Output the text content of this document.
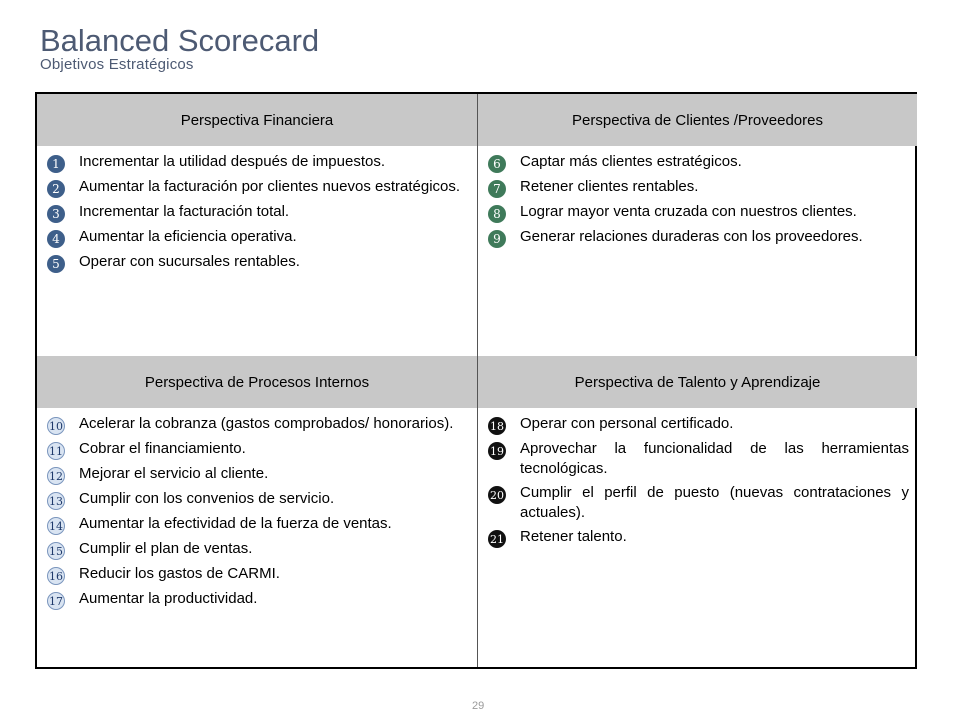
Balanced Scorecard
Objetivos Estratégicos
Perspectiva Financiera	Perspectiva de Clientes /Proveedores
1	Incrementar la utilidad después de impuestos.
2	Aumentar la facturación por clientes nuevos estratégicos.
3	Incrementar la facturación total.
4	Aumentar la eficiencia operativa.
5	Operar con sucursales rentables.
6	Captar más clientes estratégicos.
7	Retener clientes rentables.
8	Lograr mayor venta cruzada con nuestros clientes.
9	Generar relaciones duraderas con los proveedores.
Perspectiva de Procesos Internos	Perspectiva de Talento y Aprendizaje
10 Acelerar la cobranza (gastos comprobados/ honorarios).
11 Cobrar el financiamiento.
12 Mejorar el servicio al cliente.
13 Cumplir con los convenios de servicio.
14 Aumentar la efectividad de la fuerza de ventas.
15 Cumplir el plan de ventas.
16 Reducir los gastos de CARMI.
17 Aumentar la productividad.
18 Operar con personal certificado.
19 Aprovechar la funcionalidad de las herramientas tecnológicas.
20 Cumplir el perfil de puesto (nuevas contrataciones y actuales).
21 Retener talento.
29
